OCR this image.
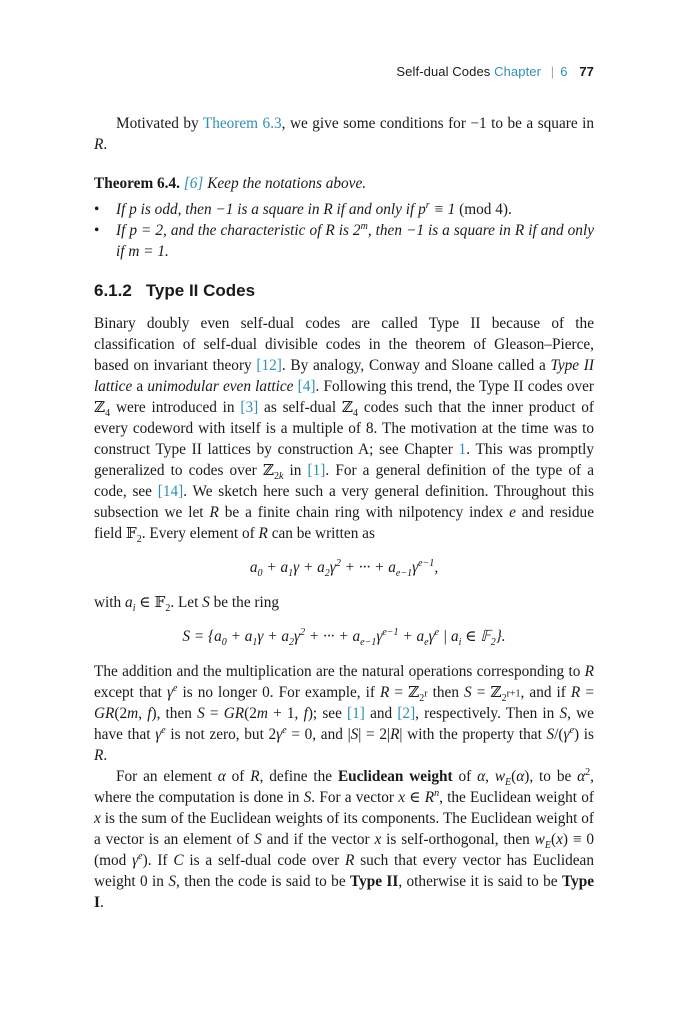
Self-dual Codes Chapter | 6 77

Motivated by Theorem 6.3, we give some conditions for −1 to be a square in R.

Theorem 6.4. [6] Keep the notations above.

• If p is odd, then −1 is a square in R if and only if $p^r \equiv 1$ (mod 4).
• If p = 2, and the characteristic of R is 2$^m$, then −1 is a square in R if and only if m = 1.
6.1.2 Type II Codes

Binary doubly even self-dual codes are called Type II because of the classification of self-dual divisible codes in the theorem of Gleason–Pierce, based on invariant theory [12]. By analogy, Conway and Sloane called a Type II lattice a unimodular even lattice [4]. Following this trend, the Type II codes over ℤ$_4$ were introduced in [3] as self-dual ℤ$_4$ codes such that the inner product of every codeword with itself is a multiple of 8. The motivation at the time was to construct Type II lattices by construction A; see Chapter 1. This was promptly generalized to codes over ℤ$_{2k}$ in [1]. For a general definition of the type of a code, see [14]. We sketch here such a very general definition. Throughout this subsection we let R be a finite chain ring with nilpotency index e and residue field 𝔽$_2$. Every element of R can be written as

$a_0 + a_1\gamma + a_2\gamma^2$ + ··· + $a_{e-1}\gamma^{e-1}$,

with $a_i$ ∈ 𝔽$_2$. Let S be the ring

$S = \{a_0 + a_1\gamma + a_2\gamma^2$ + ··· + $a_{e-1}\gamma^{e-1} + a_e\gamma^e$ | $a_i$ ∈ 𝔽$_2$}.

The addition and the multiplication are the natural operations corresponding to R except that $\gamma^e$ is no longer 0. For example, if R = ℤ$_{2^r}$ then S = ℤ$_{2^{r+1}}$, and if R = GR(2m, f), then S = GR(2m + 1, f); see [1] and [2], respectively. Then in S, we have that $\gamma^e$ is not zero, but $2\gamma^e = 0$, and |S| = 2|R| with the property that $S/(\gamma^e)$ is R.

For an element α of R, define the Euclidean weight of α, $w_E(\alpha)$, to be $\alpha^2$, where the computation is done in S. For a vector x ∈ $R^n$, the Euclidean weight of x is the sum of the Euclidean weights of its components. The Euclidean weight of a vector is an element of S and if the vector x is self-orthogonal, then $w_E(x) \equiv 0$ (mod $\gamma^e$). If C is a self-dual code over R such that every vector has Euclidean weight 0 in S, then the code is said to be Type II, otherwise it is said to be Type I.
